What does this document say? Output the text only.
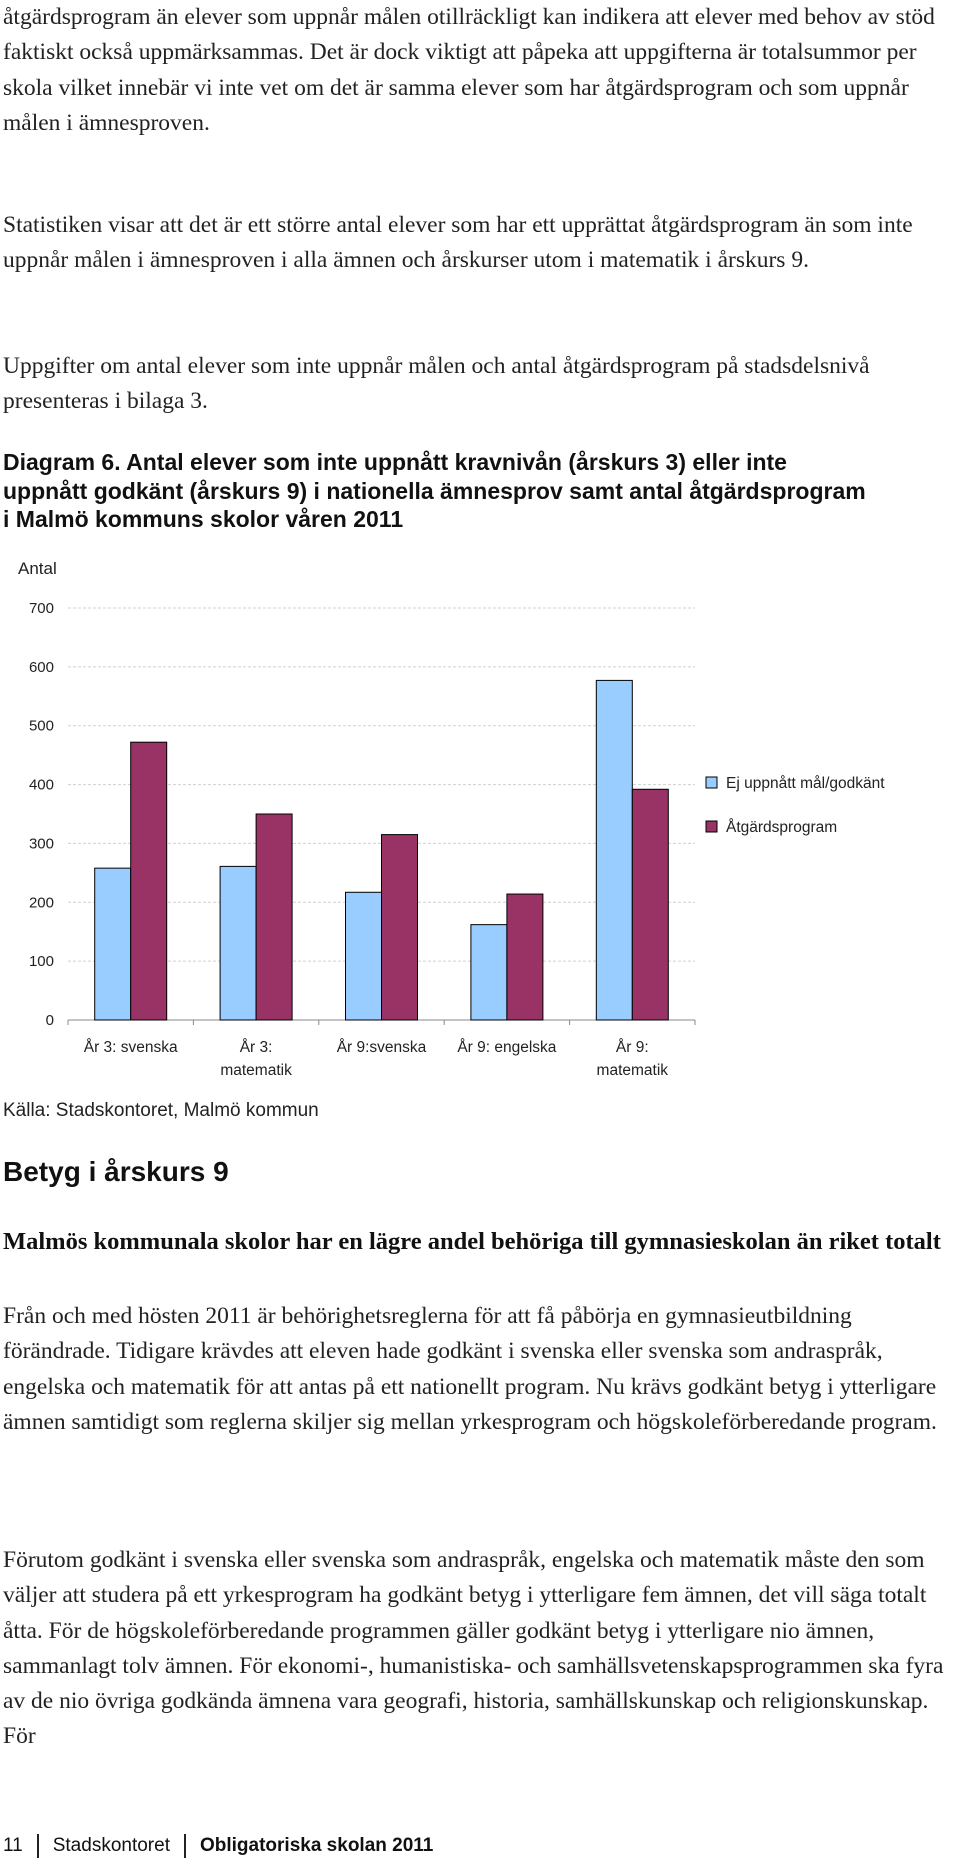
åtgärdsprogram än elever som uppnår målen otillräckligt kan indikera att elever med behov av stöd faktiskt också uppmärksammas. Det är dock viktigt att påpeka att uppgifterna är totalsummor per skola vilket innebär vi inte vet om det är samma elever som har åtgärdsprogram och som uppnår målen i ämnesproven.
Statistiken visar att det är ett större antal elever som har ett upprättat åtgärdsprogram än som inte uppnår målen i ämnesproven i alla ämnen och årskurser utom i matematik i årskurs 9.
Uppgifter om antal elever som inte uppnår målen och antal åtgärdsprogram på stadsdelsnivå presenteras i bilaga 3.
Diagram 6. Antal elever som inte uppnått kravnivån (årskurs 3) eller inte uppnått godkänt (årskurs 9) i nationella ämnesprov samt antal åtgärdsprogram i Malmö kommuns skolor våren 2011
Antal
0
100
200
300
400
500
600
700
År 3: svenska	År 3:
matematik
År 9:svenska År 9: engelska	År 9:
matematik
Ej uppnått mål/godkänt
Åtgärdsprogram
Källa: Stadskontoret, Malmö kommun
Betyg i årskurs 9
Malmös kommunala skolor har en lägre andel behöriga till gymnasieskolan än riket totalt
Från och med hösten 2011 är behörighetsreglerna för att få påbörja en gymnasieutbildning förändrade. Tidigare krävdes att eleven hade godkänt i svenska eller svenska som andraspråk, engelska och matematik för att antas på ett nationellt program. Nu krävs godkänt betyg i ytterligare ämnen samtidigt som reglerna skiljer sig mellan yrkesprogram och högskoleförberedande program.
Förutom godkänt i svenska eller svenska som andraspråk, engelska och matematik måste den som väljer att studera på ett yrkesprogram ha godkänt betyg i ytterligare fem ämnen, det vill säga totalt åtta. För de högskoleförberedande programmen gäller godkänt betyg i ytterligare nio ämnen, sammanlagt tolv ämnen. För ekonomi-, humanistiska- och samhällsvetenskapsprogrammen ska fyra av de nio övriga godkända ämnena vara geografi, historia, samhällskunskap och religionskunskap. För
11 Stadskontoret Obligatoriska skolan 2011
